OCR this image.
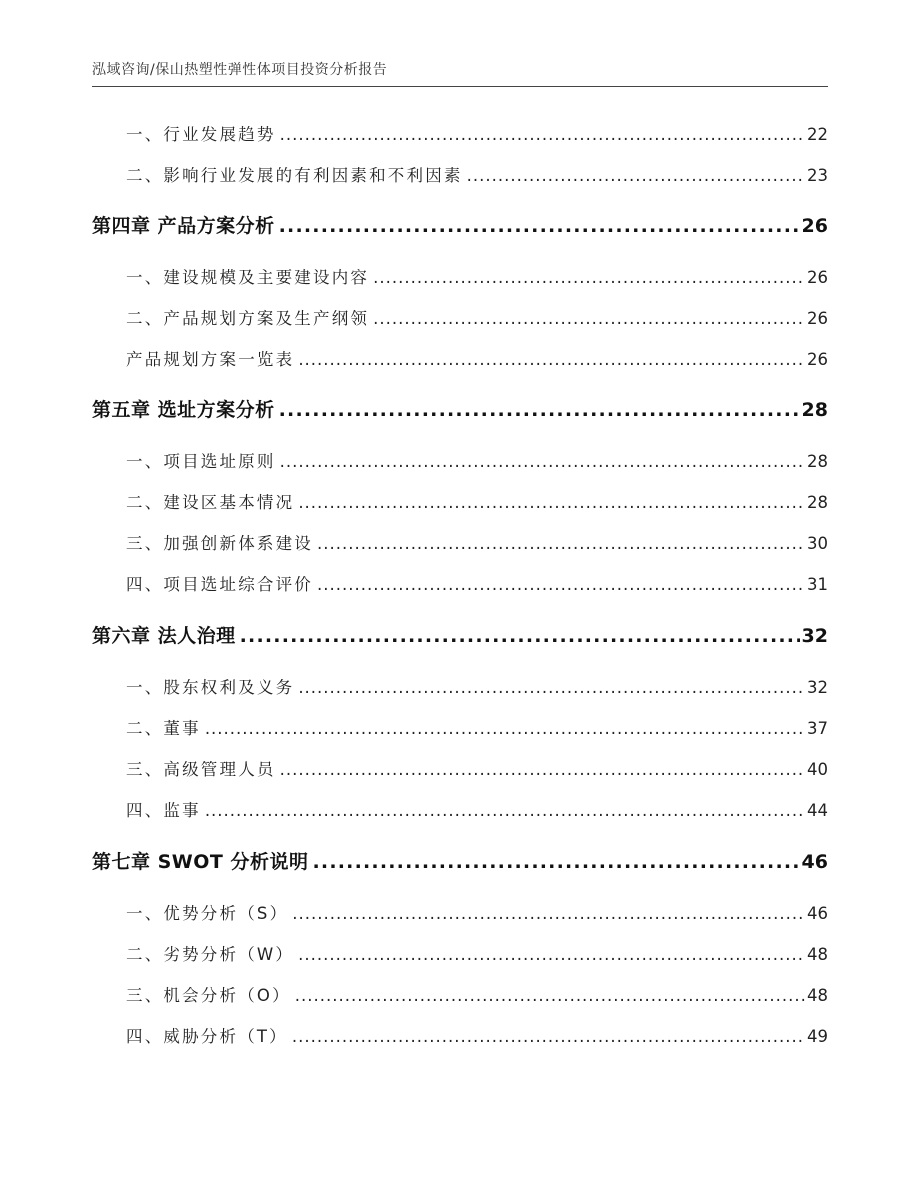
泓域咨询/保山热塑性弹性体项目投资分析报告
一、 行业发展趋势 .....	22
二、 影响行业发展的有利因素和不利因素 .....	23
第四章 产品方案分析 .....	26
一、 建设规模及主要建设内容 .....	26
二、 产品规划方案及生产纲领 .....	26
产品规划方案一览表 .....	26
第五章 选址方案分析 .....	28
一、 项目选址原则 .....	28
二、 建设区基本情况 .....	28
三、 加强创新体系建设 .....	30
四、 项目选址综合评价 .....	31
第六章 法人治理 .....	32
一、 股东权利及义务 .....	32
二、 董事 .....	37
三、 高级管理人员 .....	40
四、 监事 .....	44
第七章 SWOT 分析说明 .....	46
一、 优势分析（S） .....	46
二、 劣势分析（W） .....	48
三、 机会分析（O） .....	48
四、 威胁分析（T） .....	49
